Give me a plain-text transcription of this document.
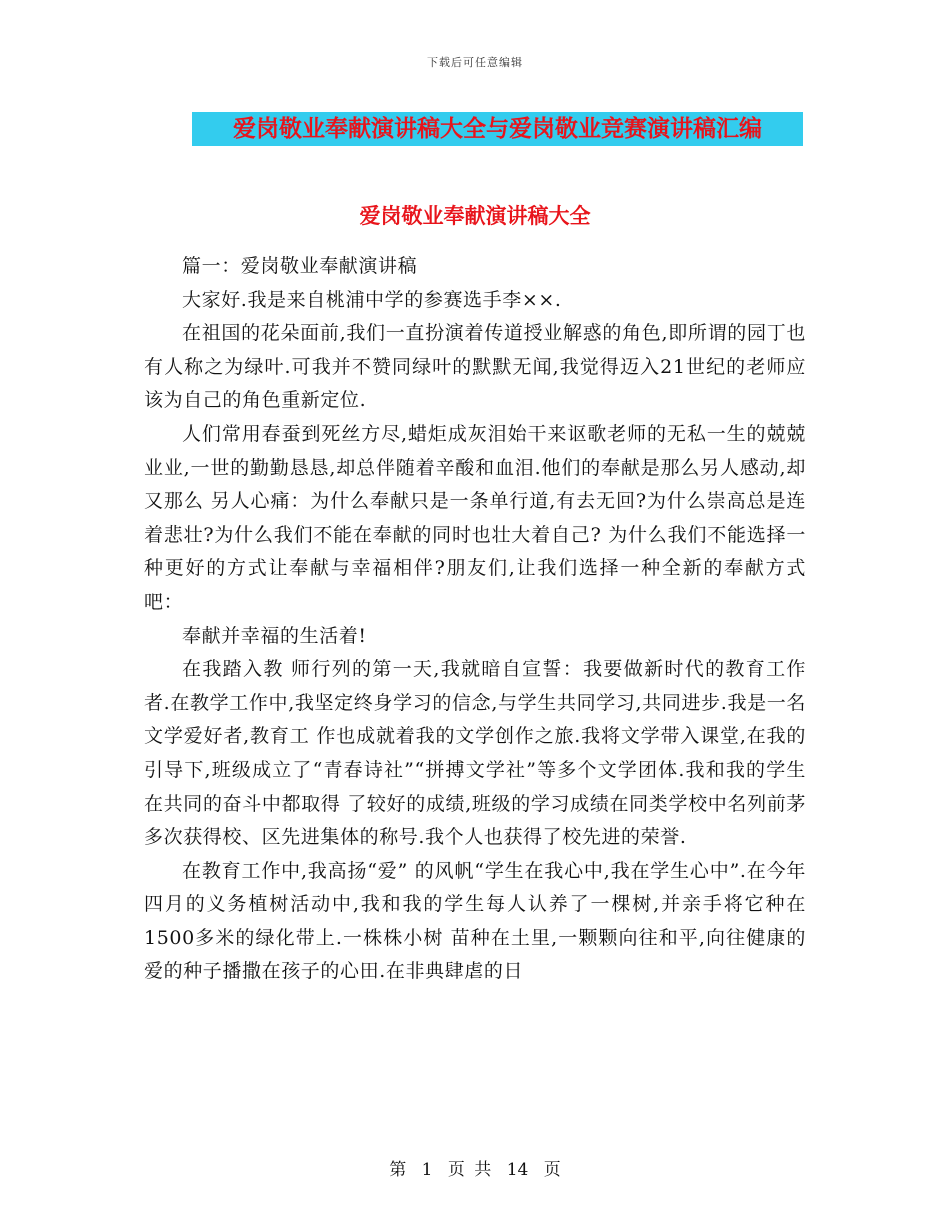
下载后可任意编辑
爱岗敬业奉献演讲稿大全与爱岗敬业竞赛演讲稿汇编
爱岗敬业奉献演讲稿大全

篇一：爱岗敬业奉献演讲稿

大家好.我是来自桃浦中学的参赛选手李××.

在祖国的花朵面前,我们一直扮演着传道授业解惑的角色,即所谓的园丁也有人称之为绿叶.可我并不赞同绿叶的默默无闻,我觉得迈入21世纪的老师应该为自己的角色重新定位.

人们常用春蚕到死丝方尽,蜡炬成灰泪始干来讴歌老师的无私一生的兢兢业业,一世的勤勤恳恳,却总伴随着辛酸和血泪.他们的奉献是那么另人感动,却又那么 另人心痛：为什么奉献只是一条单行道,有去无回?为什么崇高总是连着悲壮?为什么我们不能在奉献的同时也壮大着自己? 为什么我们不能选择一种更好的方式让奉献与幸福相伴?朋友们,让我们选择一种全新的奉献方式吧：

奉献并幸福的生活着!

在我踏入教 师行列的第一天,我就暗自宣誓：我要做新时代的教育工作者.在教学工作中,我坚定终身学习的信念,与学生共同学习,共同进步.我是一名文学爱好者,教育工 作也成就着我的文学创作之旅.我将文学带入课堂,在我的引导下,班级成立了“青春诗社”“拼搏文学社”等多个文学团体.我和我的学生在共同的奋斗中都取得 了较好的成绩,班级的学习成绩在同类学校中名列前茅多次获得校、区先进集体的称号.我个人也获得了校先进的荣誉.

在教育工作中,我高扬“爱” 的风帆“学生在我心中,我在学生心中”.在今年四月的义务植树活动中,我和我的学生每人认养了一棵树,并亲手将它种在1500多米的绿化带上.一株株小树 苗种在土里,一颗颗向往和平,向往健康的爱的种子播撒在孩子的心田.在非典肆虐的日

第 1 页 共 14 页
